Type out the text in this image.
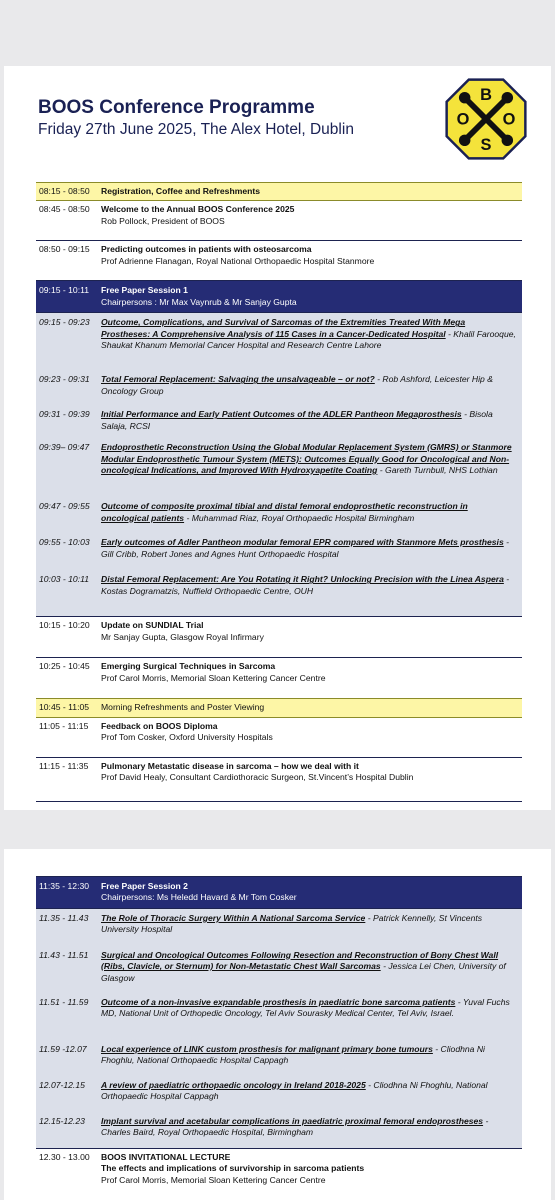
BOOS Conference Programme
Friday 27th June 2025, The Alex Hotel, Dublin
B
O O
S
08:15 - 08:50	Registration, Coffee and Refreshments
08:45 - 08:50	Welcome to the Annual BOOS Conference 2025
Rob Pollock, President of BOOS
08:50 - 09:15	Predicting outcomes in patients with osteosarcoma
Prof Adrienne Flanagan, Royal National Orthopaedic Hospital Stanmore
09:15 - 10:11	Free Paper Session 1
Chairpersons : Mr Max Vaynrub & Mr Sanjay Gupta
09:15 - 09:23	Outcome, Complications, and Survival of Sarcomas of the Extremities Treated With Mega Prostheses: A Comprehensive Analysis of 115 Cases in a Cancer-Dedicated Hospital - Khalil Farooque, Shaukat Khanum Memorial Cancer Hospital and Research Centre Lahore
09:23 - 09:31	Total Femoral Replacement: Salvaging the unsalvageable – or not? - Rob Ashford, Leicester Hip & Oncology Group
09:31 - 09:39	Initial Performance and Early Patient Outcomes of the ADLER Pantheon Megaprosthesis - Bisola Salaja, RCSI
09:39– 09:47	Endoprosthetic Reconstruction Using the Global Modular Replacement System (GMRS) or Stanmore Modular Endoprosthetic Tumour System (METS): Outcomes Equally Good for Oncological and Non-oncological Indications, and Improved With Hydroxyapetite Coating - Gareth Turnbull, NHS Lothian
09:47 - 09:55	Outcome of composite proximal tibial and distal femoral endoprosthetic reconstruction in oncological patients - Muhammad Riaz, Royal Orthopaedic Hospital Birmingham
09:55 - 10:03	Early outcomes of Adler Pantheon modular femoral EPR compared with Stanmore Mets prosthesis - Gill Cribb, Robert Jones and Agnes Hunt Orthopaedic Hospital
10:03 - 10:11	Distal Femoral Replacement: Are You Rotating it Right? Unlocking Precision with the Linea Aspera - Kostas Dogramatzis, Nuffield Orthopaedic Centre, OUH
10:15 - 10:20	Update on SUNDIAL Trial
Mr Sanjay Gupta, Glasgow Royal Infirmary
10:25 - 10:45	Emerging Surgical Techniques in Sarcoma
Prof Carol Morris, Memorial Sloan Kettering Cancer Centre
10:45 - 11:05	Morning Refreshments and Poster Viewing
11:05 - 11:15	Feedback on BOOS Diploma
Prof Tom Cosker, Oxford University Hospitals
11:15 - 11:35	Pulmonary Metastatic disease in sarcoma – how we deal with it
Prof David Healy, Consultant Cardiothoracic Surgeon, St.Vincent’s Hospital Dublin
11:35 - 12:30	Free Paper Session 2
Chairpersons: Ms Heledd Havard & Mr Tom Cosker
11.35 - 11.43	The Role of Thoracic Surgery Within A National Sarcoma Service - Patrick Kennelly, St Vincents University Hospital
11.43 - 11.51	Surgical and Oncological Outcomes Following Resection and Reconstruction of Bony Chest Wall (Ribs, Clavicle, or Sternum) for Non-Metastatic Chest Wall Sarcomas - Jessica Lei Chen, University of Glasgow
11.51 - 11.59	Outcome of a non-invasive expandable prosthesis in paediatric bone sarcoma patients - Yuval Fuchs MD, National Unit of Orthopedic Oncology, Tel Aviv Sourasky Medical Center, Tel Aviv, Israel.
11.59 -12.07	Local experience of LINK custom prosthesis for malignant primary bone tumours - Cliodhna Ni Fhoghlu, National Orthopaedic Hospital Cappagh
12.07-12.15	A review of paediatric orthopaedic oncology in Ireland 2018-2025 - Cliodhna Ni Fhoghlu, National Orthopaedic Hospital Cappagh
12.15-12.23	Implant survival and acetabular complications in paediatric proximal femoral endoprostheses - Charles Baird, Royal Orthopaedic Hospital, Birmingham
12.30 - 13.00	BOOS INVITATIONAL LECTURE
The effects and implications of survivorship in sarcoma patients
Prof Carol Morris, Memorial Sloan Kettering Cancer Centre
